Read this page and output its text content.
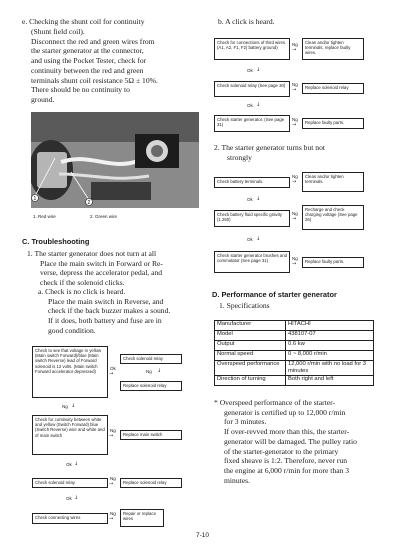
e. Checking the shunt coil for continuity
(Shunt field coil).
Disconnect the red and green wires from
the starter generator at the connector,
and using the Pocket Tester, check for
continuity between the red and green
terminals shunt coil resistance 5Ω ± 10%.
There should be no continuity to
ground.
1
2
1. Red wire	2. Green wire
C. Troubleshooting
1. The starter generator does not turn at all
Place the main switch in Forward or Re-
verse, depress the accelerator pedal, and
check if the solenoid clicks.
a. Check is no click is heard.
Place the main switch in Reverse, and
check if the back buzzer makes a sound.
If it does, both battery and fuse are in
good condition.
Check to see that voltage in yellow (Main switch Forward)/blue (Main switch Reverse) lead of Forward solenoid is 12 volts. (Main switch Forward accelerator depressed)
Ok
→
Check solenoid relay
Ng ↓
Replace solenoid relay
Ng ↓
Check for continuity between white and yellow (Switch Forward) blue (Switch Reverse) wire and white and of main switch
Ng
→	Replace main switch
Ok ↓
Check solenoid relay
Ng
→	Replace solenoid relay
Ok ↓
Check connecting wires
Ng
→
Repair or replace wires
b. A click is heard.
Check for connections of third wires. (A1, A2, F1, F2) battery ground)
Ng
→
Clean and/or tighten terminals, replace faulty wires.
Ok ↓
Check solenoid relay (See page 30)	Ng
→	Replace solenoid relay
Ok ↓
Check starter generator. (See page 31)
Ng
→	Replace faulty parts.
2. The starter generator turns but not
strongly
Check battery terminals.
Ng
→
Clean and/or tighten terminals.
Ok ↓
Check battery fluid specific gravity (1.260)
Ng
→
Recharge and check charging voltage (See page 26)
Ok ↓
Check starter generator brushes and commutator (See page 31)	Ng
→	Replace faulty parts.
D. Performance of starter generator
1. Specifications
Manufacturer	HITACHI
Model	438107-07
Output	0.6 kw
Normal speed	0 ~ 8,000 r/min
Overspeed performance	12,000 r/min with no load for 3 minutes
Direction of turning	Both right and left
* Overspeed performance of the starter-
generator is certified up to 12,000 r/min
for 3 minutes.
If over-revved more than this, the starter-
generator will be damaged. The pulley ratio
of the starter-generator to the primary
fixed sheave is 1:2. Therefore, never run
the engine at 6,000 r/min for more than 3
minutes.
7-10
